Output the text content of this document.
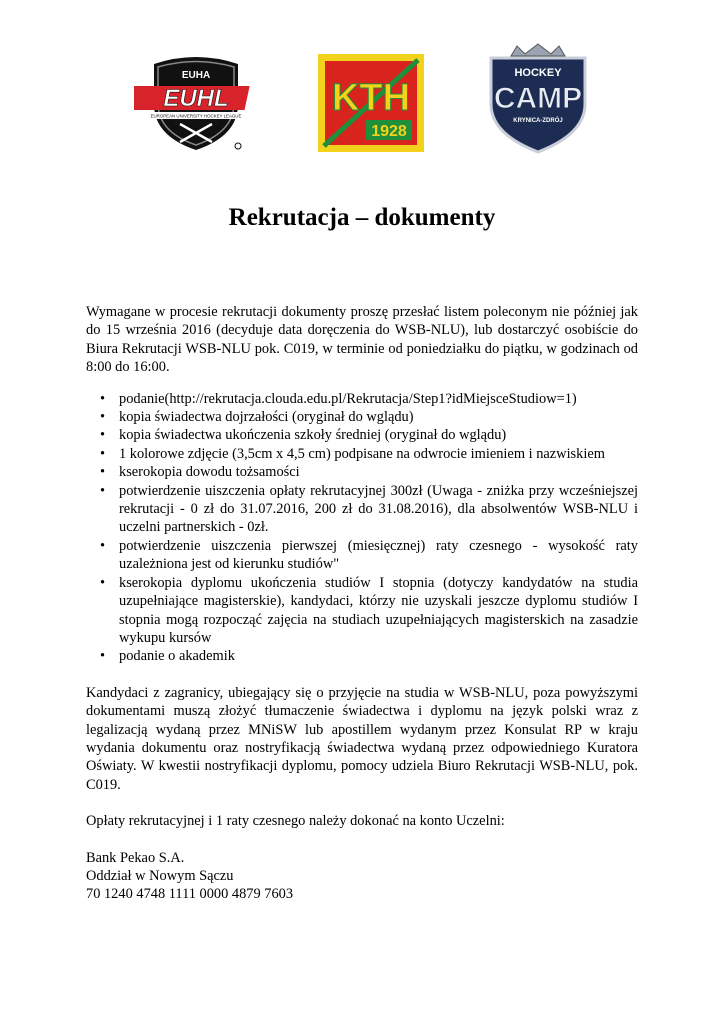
EUHA
EUHL
EUROPEAN UNIVERSITY HOCKEY LEAGUE KTH
1928
HOCKEY
CAMP
KRYNICA-ZDRÓJ
Rekrutacja – dokumenty

Wymagane w procesie rekrutacji dokumenty proszę przesłać listem poleconym nie później jak do 15 września 2016 (decyduje data doręczenia do WSB-NLU), lub dostarczyć osobiście do Biura Rekrutacji WSB-NLU pok. C019, w terminie od poniedziałku do piątku, w godzinach od 8:00 do 16:00.

• podanie(http://rekrutacja.clouda.edu.pl/Rekrutacja/Step1?idMiejsceStudiow=1)
• kopia świadectwa dojrzałości (oryginał do wglądu)
• kopia świadectwa ukończenia szkoły średniej (oryginał do wglądu)
• 1 kolorowe zdjęcie (3,5cm x 4,5 cm) podpisane na odwrocie imieniem i nazwiskiem
• kserokopia dowodu tożsamości
• potwierdzenie uiszczenia opłaty rekrutacyjnej 300zł (Uwaga - zniżka przy wcześniejszej rekrutacji - 0 zł do 31.07.2016, 200 zł do 31.08.2016), dla absolwentów WSB-NLU i uczelni partnerskich - 0zł.
• potwierdzenie uiszczenia pierwszej (miesięcznej) raty czesnego - wysokość raty uzależniona jest od kierunku studiów"
• kserokopia dyplomu ukończenia studiów I stopnia (dotyczy kandydatów na studia uzupełniające magisterskie), kandydaci, którzy nie uzyskali jeszcze dyplomu studiów I stopnia mogą rozpocząć zajęcia na studiach uzupełniających magisterskich na zasadzie wykupu kursów
• podanie o akademik

Kandydaci z zagranicy, ubiegający się o przyjęcie na studia w WSB-NLU, poza powyższymi dokumentami muszą złożyć tłumaczenie świadectwa i dyplomu na język polski wraz z legalizacją wydaną przez MNiSW lub apostillem wydanym przez Konsulat RP w kraju wydania dokumentu oraz nostryfikacją świadectwa wydaną przez odpowiedniego Kuratora Oświaty. W kwestii nostryfikacji dyplomu, pomocy udziela Biuro Rekrutacji WSB-NLU, pok. C019.

Opłaty rekrutacyjnej i 1 raty czesnego należy dokonać na konto Uczelni:

Bank Pekao S.A.
Oddział w Nowym Sączu
70 1240 4748 1111 0000 4879 7603
